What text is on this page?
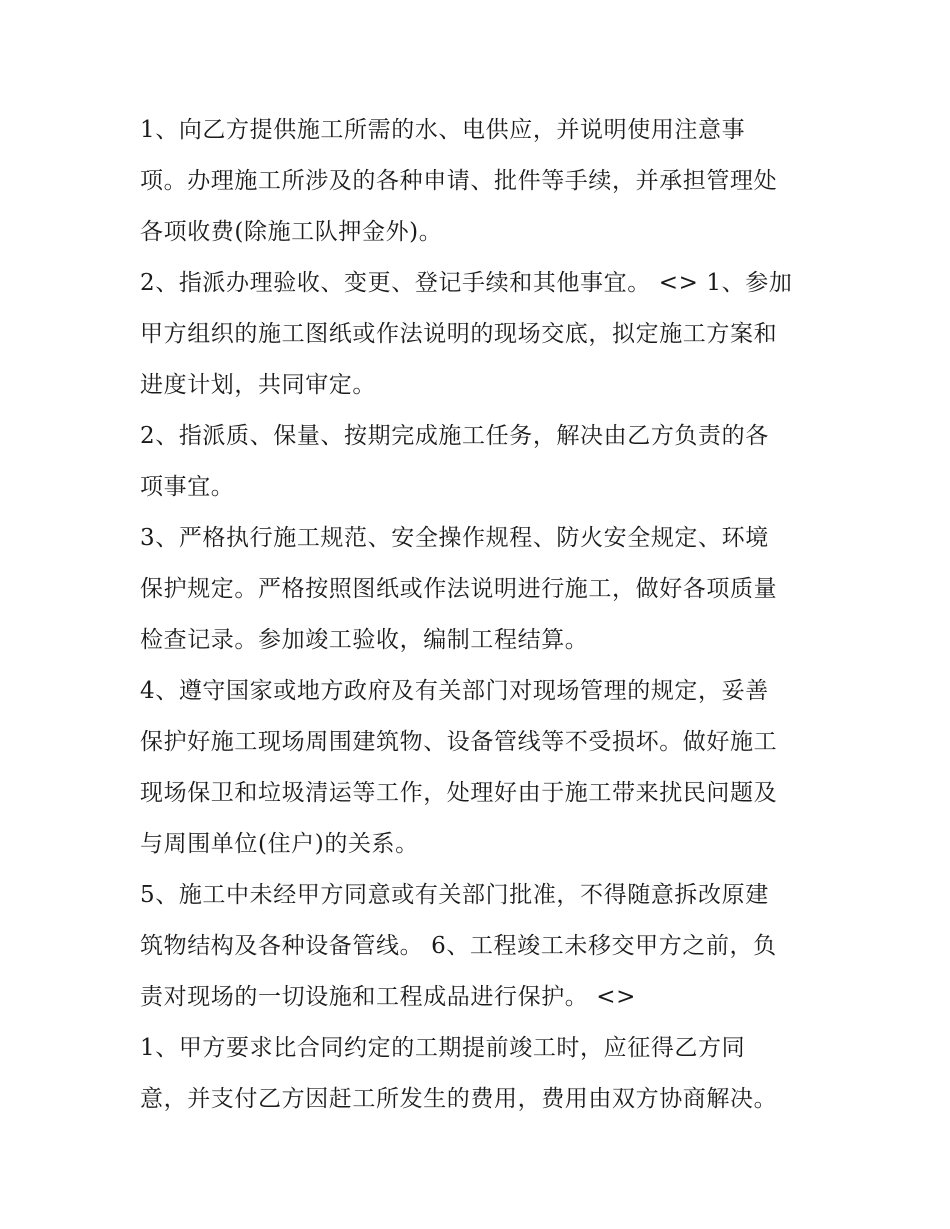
1、向乙方提供施工所需的水、电供应，并说明使用注意事
项。办理施工所涉及的各种申请、批件等手续，并承担管理处
各项收费(除施工队押金外)。
2、指派办理验收、变更、登记手续和其他事宜。 <> 1、参加
甲方组织的施工图纸或作法说明的现场交底，拟定施工方案和
进度计划，共同审定。
2、指派质、保量、按期完成施工任务，解决由乙方负责的各
项事宜。
3、严格执行施工规范、安全操作规程、防火安全规定、环境
保护规定。严格按照图纸或作法说明进行施工，做好各项质量
检查记录。参加竣工验收，编制工程结算。
4、遵守国家或地方政府及有关部门对现场管理的规定，妥善
保护好施工现场周围建筑物、设备管线等不受损坏。做好施工
现场保卫和垃圾清运等工作，处理好由于施工带来扰民问题及
与周围单位(住户)的关系。
5、施工中未经甲方同意或有关部门批准，不得随意拆改原建
筑物结构及各种设备管线。 6、工程竣工未移交甲方之前，负
责对现场的一切设施和工程成品进行保护。 <>
1、甲方要求比合同约定的工期提前竣工时，应征得乙方同
意，并支付乙方因赶工所发生的费用，费用由双方协商解决。
